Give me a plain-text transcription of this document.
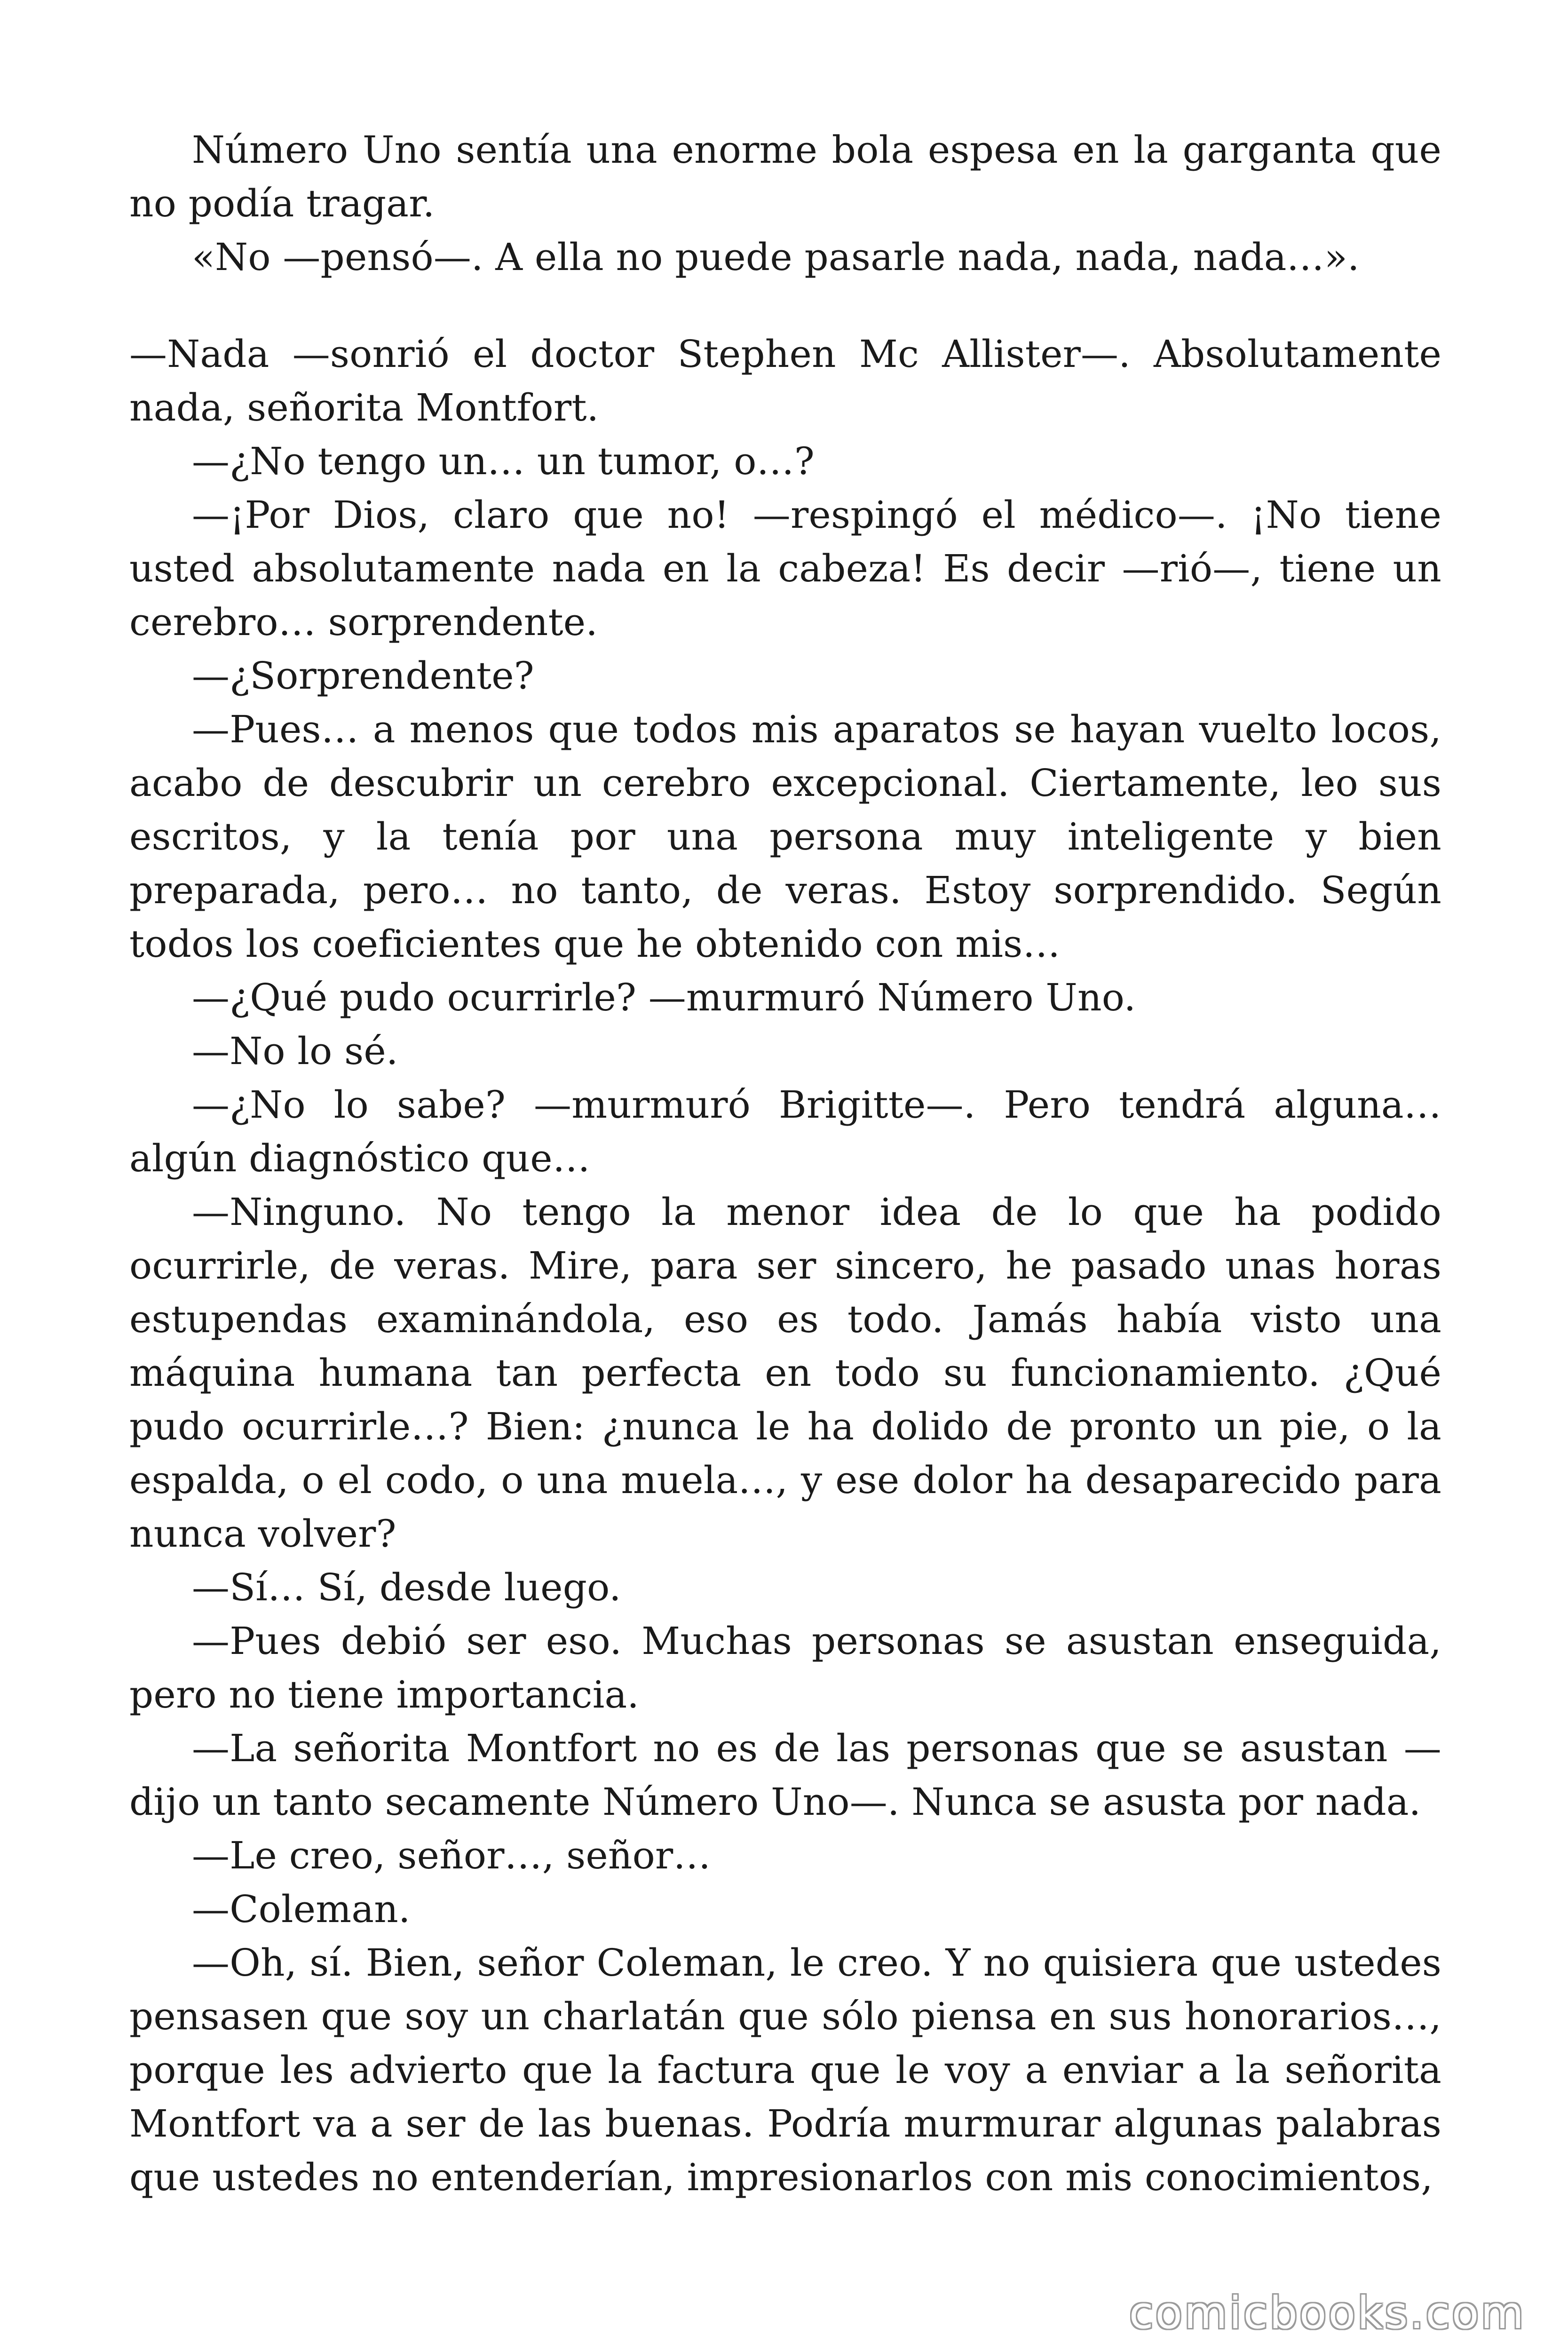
Número Uno sentía una enorme bola espesa en la garganta que no podía tragar.

«No —pensó—. A ella no puede pasarle nada, nada, nada…».

—Nada —sonrió el doctor Stephen Mc Allister—. Absolutamente nada, señorita Montfort.

—¿No tengo un… un tumor, o…?

—¡Por Dios, claro que no! —respingó el médico—. ¡No tiene usted absolutamente nada en la cabeza! Es decir —rió—, tiene un cerebro… sorprendente.

—¿Sorprendente?

—Pues… a menos que todos mis aparatos se hayan vuelto locos, acabo de descubrir un cerebro excepcional. Ciertamente, leo sus escritos, y la tenía por una persona muy inteligente y bien preparada, pero… no tanto, de veras. Estoy sorprendido. Según todos los coeficientes que he obtenido con mis…

—¿Qué pudo ocurrirle? —murmuró Número Uno.

—No lo sé.

—¿No lo sabe? —murmuró Brigitte—. Pero tendrá alguna… algún diagnóstico que…

—Ninguno. No tengo la menor idea de lo que ha podido ocurrirle, de veras. Mire, para ser sincero, he pasado unas horas estupendas examinándola, eso es todo. Jamás había visto una máquina humana tan perfecta en todo su funcionamiento. ¿Qué pudo ocurrirle…? Bien: ¿nunca le ha dolido de pronto un pie, o la espalda, o el codo, o una muela…, y ese dolor ha desaparecido para nunca volver?

—Sí… Sí, desde luego.

—Pues debió ser eso. Muchas personas se asustan enseguida, pero no tiene importancia.

—La señorita Montfort no es de las personas que se asustan — dijo un tanto secamente Número Uno—. Nunca se asusta por nada.

—Le creo, señor…, señor…

—Coleman.

—Oh, sí. Bien, señor Coleman, le creo. Y no quisiera que ustedes pensasen que soy un charlatán que sólo piensa en sus honorarios…, porque les advierto que la factura que le voy a enviar a la señorita Montfort va a ser de las buenas. Podría murmurar algunas palabras que ustedes no entenderían, impresionarlos con mis conocimientos,

comicbooks.com
